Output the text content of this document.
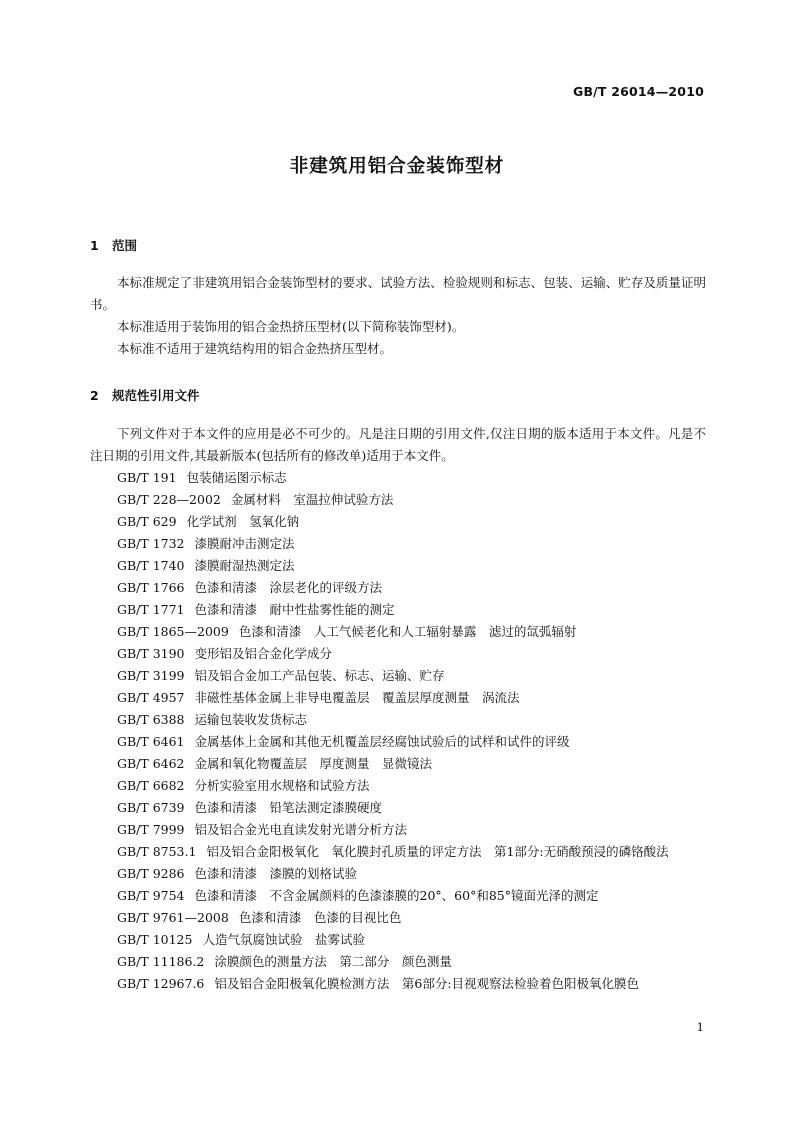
GB/T 26014—2010
非建筑用铝合金装饰型材
1 范围
本标准规定了非建筑用铝合金装饰型材的要求、试验方法、检验规则和标志、包装、运输、贮存及质量证明书。
本标准适用于装饰用的铝合金热挤压型材(以下简称装饰型材)。
本标准不适用于建筑结构用的铝合金热挤压型材。
2 规范性引用文件
下列文件对于本文件的应用是必不可少的。凡是注日期的引用文件,仅注日期的版本适用于本文件。凡是不注日期的引用文件,其最新版本(包括所有的修改单)适用于本文件。
GB/T 191 包装储运图示标志
GB/T 228—2002 金属材料　室温拉伸试验方法
GB/T 629 化学试剂　氢氧化钠
GB/T 1732 漆膜耐冲击测定法
GB/T 1740 漆膜耐湿热测定法
GB/T 1766 色漆和清漆　涂层老化的评级方法
GB/T 1771 色漆和清漆　耐中性盐雾性能的测定
GB/T 1865—2009 色漆和清漆　人工气候老化和人工辐射暴露　滤过的氙弧辐射
GB/T 3190 变形铝及铝合金化学成分
GB/T 3199 铝及铝合金加工产品包装、标志、运输、贮存
GB/T 4957 非磁性基体金属上非导电覆盖层　覆盖层厚度测量　涡流法
GB/T 6388 运输包装收发货标志
GB/T 6461 金属基体上金属和其他无机覆盖层经腐蚀试验后的试样和试件的评级
GB/T 6462 金属和氧化物覆盖层　厚度测量　显微镜法
GB/T 6682 分析实验室用水规格和试验方法
GB/T 6739 色漆和清漆　铅笔法测定漆膜硬度
GB/T 7999 铝及铝合金光电直读发射光谱分析方法
GB/T 8753.1 铝及铝合金阳极氧化　氧化膜封孔质量的评定方法　第1部分:无硝酸预浸的磷铬酸法
GB/T 9286 色漆和清漆　漆膜的划格试验
GB/T 9754 色漆和清漆　不含金属颜料的色漆漆膜的20°、60°和85°镜面光泽的测定
GB/T 9761—2008 色漆和清漆　色漆的目视比色
GB/T 10125 人造气氛腐蚀试验　盐雾试验
GB/T 11186.2 涂膜颜色的测量方法　第二部分　颜色测量
GB/T 12967.6 铝及铝合金阳极氧化膜检测方法　第6部分:目视观察法检验着色阳极氧化膜色
1
